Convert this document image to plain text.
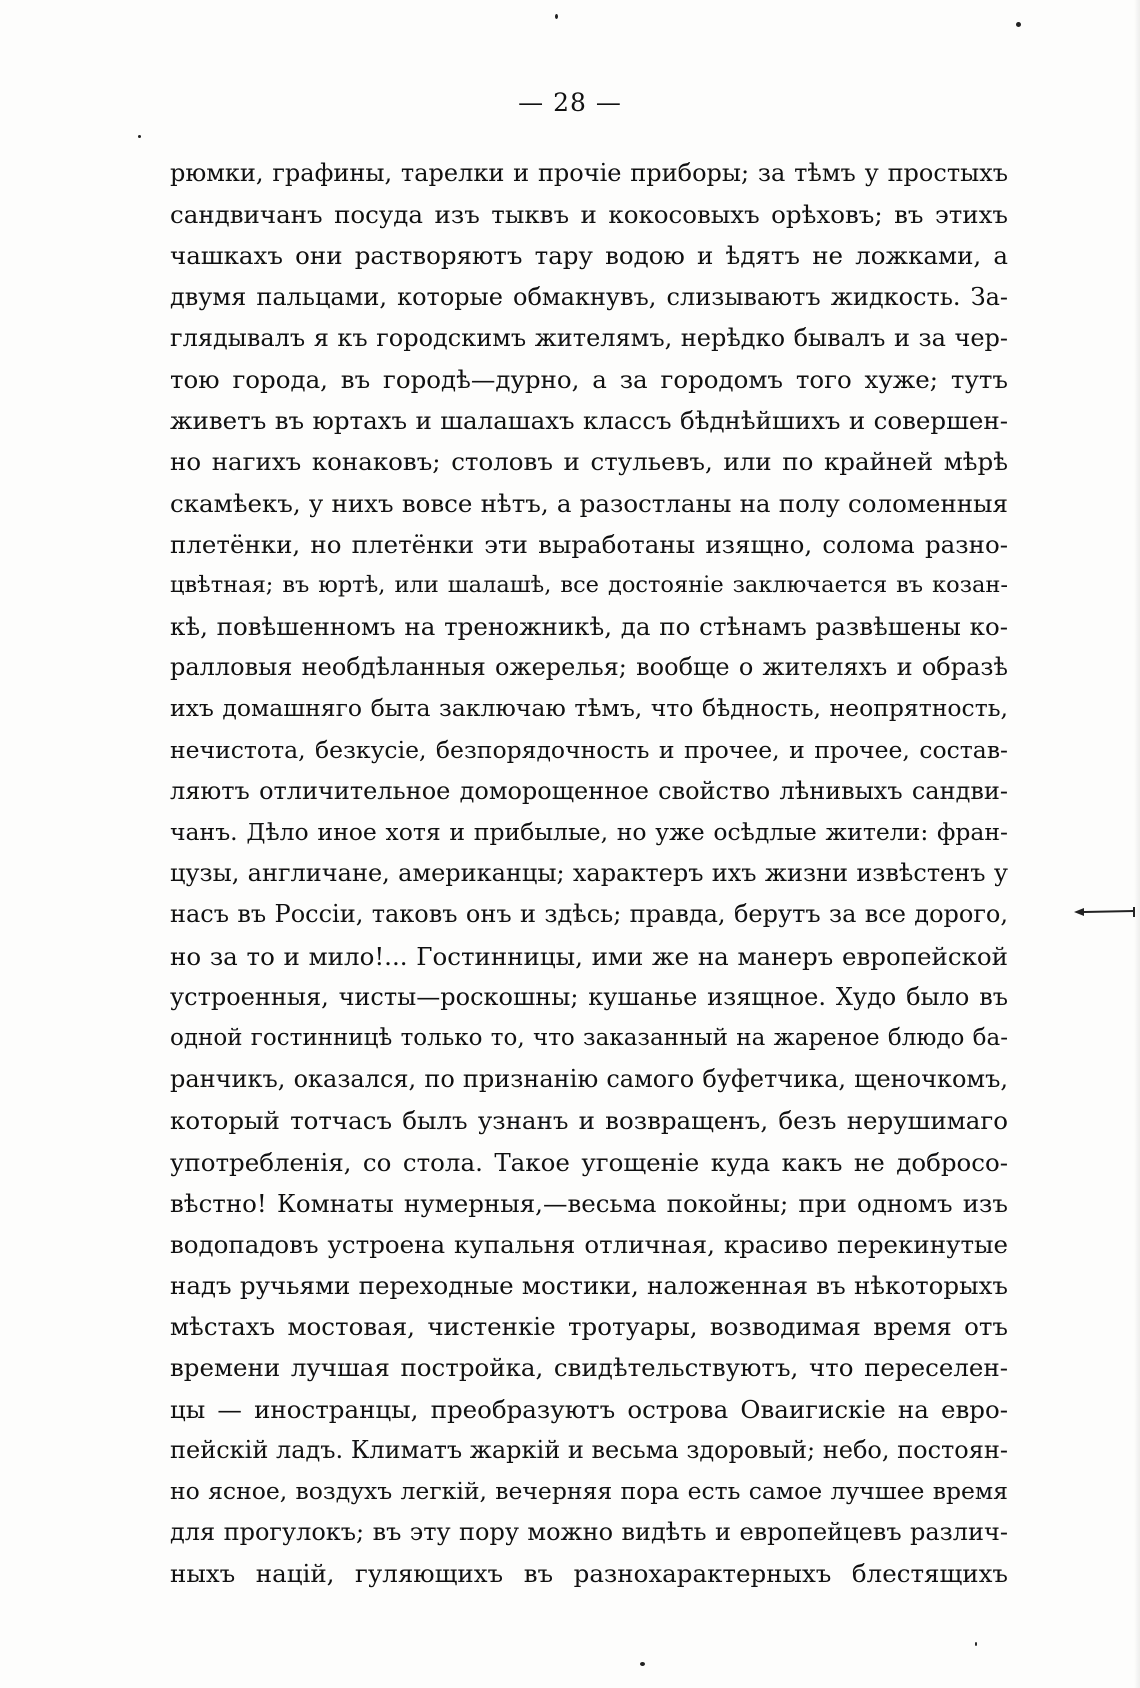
— 28 —
рюмки, графины, тарелки и прочіе приборы; за тѣмъ у простыхъ
сандвичанъ посуда изъ тыквъ и кокосовыхъ орѣховъ; въ этихъ
чашкахъ они растворяютъ тару водою и ѣдятъ не ложками, а
двумя пальцами, которые обмакнувъ, слизываютъ жидкость. За-
глядывалъ я къ городскимъ жителямъ, нерѣдко бывалъ и за чер-
тою города, въ городѣ—дурно, а за городомъ того хуже; тутъ
живетъ въ юртахъ и шалашахъ классъ бѣднѣйшихъ и совершен-
но нагихъ конаковъ; столовъ и стульевъ, или по крайней мѣрѣ
скамѣекъ, у нихъ вовсе нѣтъ, а разостланы на полу соломенныя
плетёнки, но плетёнки эти выработаны изящно, солома разно-
цвѣтная; въ юртѣ, или шалашѣ, все достояніе заключается въ козан-
кѣ, повѣшенномъ на треножникѣ, да по стѣнамъ развѣшены ко-
ралловыя необдѣланныя ожерелья; вообще о жителяхъ и образѣ
ихъ домашняго быта заключаю тѣмъ, что бѣдность, неопрятность,
нечистота, безкусіе, безпорядочность и прочее, и прочее, состав-
ляютъ отличительное доморощенное свойство лѣнивыхъ сандви-
чанъ. Дѣло иное хотя и прибылые, но уже осѣдлые жители: фран-
цузы, англичане, американцы; характеръ ихъ жизни извѣстенъ у
насъ въ Россіи, таковъ онъ и здѣсь; правда, берутъ за все дорого,
но за то и мило!... Гостинницы, ими же на манеръ европейской
устроенныя, чисты—роскошны; кушанье изящное. Худо было въ
одной гостинницѣ только то, что заказанный на жареное блюдо ба-
ранчикъ, оказался, по признанію самого буфетчика, щеночкомъ,
который тотчасъ былъ узнанъ и возвращенъ, безъ нерушимаго
употребленія, со стола. Такое угощеніе куда какъ не добросо-
вѣстно! Комнаты нумерныя,—весьма покойны; при одномъ изъ
водопадовъ устроена купальня отличная, красиво перекинутые
надъ ручьями переходные мостики, наложенная въ нѣкоторыхъ
мѣстахъ мостовая, чистенкіе тротуары, возводимая время отъ
времени лучшая постройка, свидѣтельствуютъ, что переселен-
цы — иностранцы, преобразуютъ острова Оваигискіе на евро-
пейскій ладъ. Климатъ жаркій и весьма здоровый; небо, постоян-
но ясное, воздухъ легкій, вечерняя пора есть самое лучшее время
для прогулокъ; въ эту пору можно видѣть и европейцевъ различ-
ныхъ націй, гуляющихъ въ разнохарактерныхъ блестящихъ
